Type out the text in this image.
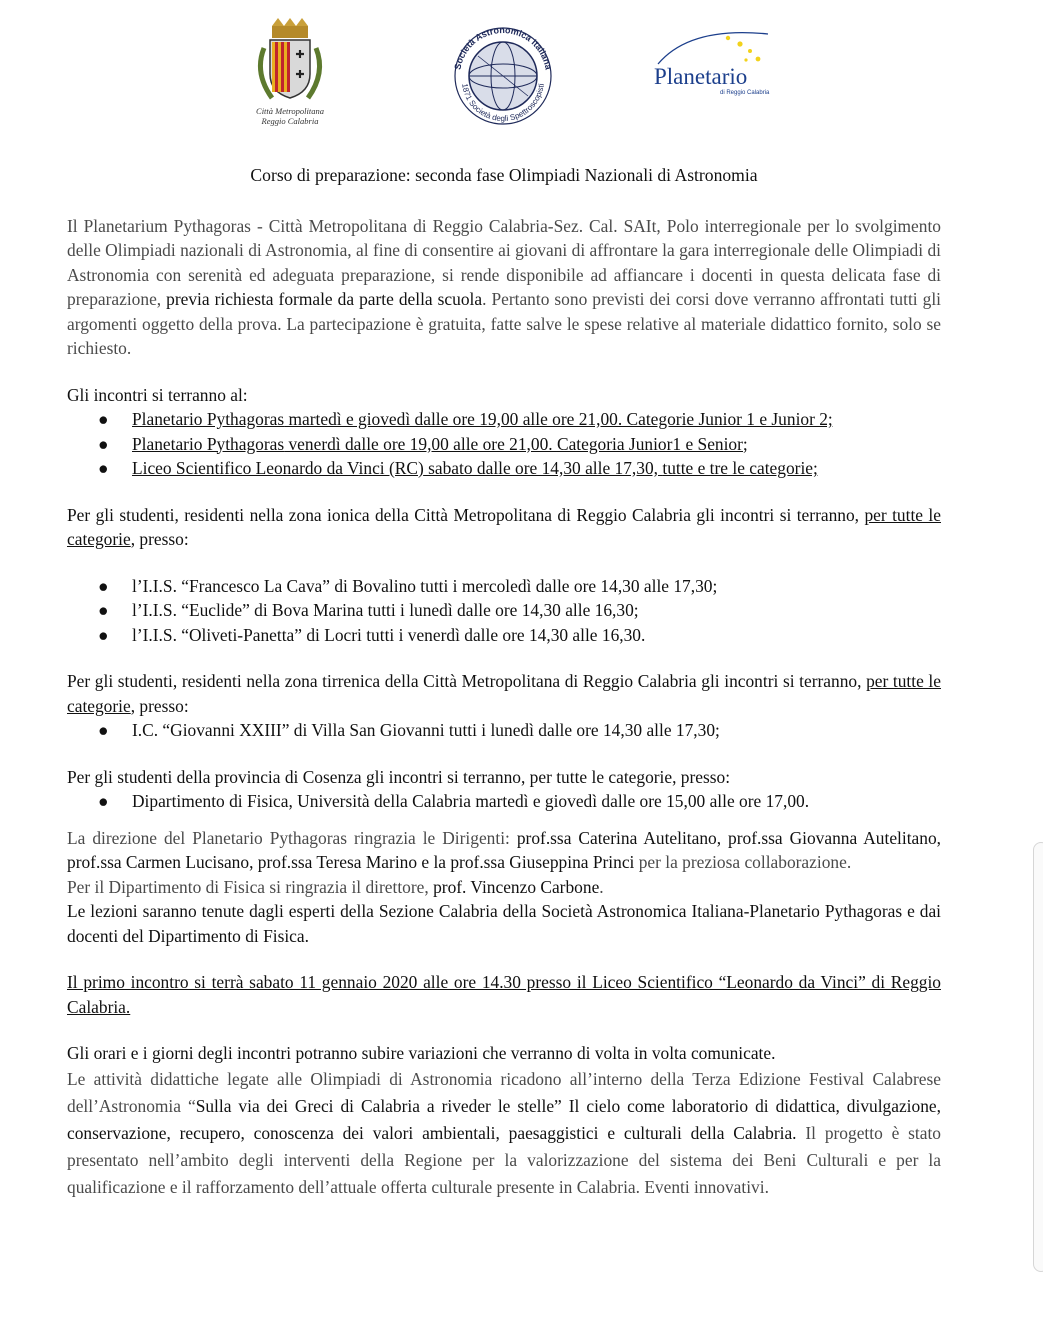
✚
✚
Città Metropolitana
Reggio Calabria
Società Astronomica Italiana
1871 Società degli Spettroscopisti	Planetario
di Reggio Calabria

Corso di preparazione: seconda fase Olimpiadi Nazionali di Astronomia

Il Planetarium Pythagoras - Città Metropolitana di Reggio Calabria-Sez. Cal. SAIt, Polo interregionale per lo svolgimento delle Olimpiadi nazionali di Astronomia, al fine di consentire ai giovani di affrontare la gara interregionale delle Olimpiadi di Astronomia con serenità ed adeguata preparazione, si rende disponibile ad affiancare i docenti in questa delicata fase di preparazione, previa richiesta formale da parte della scuola. Pertanto sono previsti dei corsi dove verranno affrontati tutti gli argomenti oggetto della prova. La partecipazione è gratuita, fatte salve le spese relative al materiale didattico fornito, solo se richiesto.

Gli incontri si terranno al:

● Planetario Pythagoras martedì e giovedì dalle ore 19,00 alle ore 21,00. Categorie Junior 1 e Junior 2;
● Planetario Pythagoras venerdì dalle ore 19,00 alle ore 21,00. Categoria Junior1 e Senior;
● Liceo Scientifico Leonardo da Vinci (RC) sabato dalle ore 14,30 alle 17,30, tutte e tre le categorie;

Per gli studenti, residenti nella zona ionica della Città Metropolitana di Reggio Calabria gli incontri si terranno, per tutte le categorie, presso:

● l’I.I.S. “Francesco La Cava” di Bovalino tutti i mercoledì dalle ore 14,30 alle 17,30;
● l’I.I.S. “Euclide” di Bova Marina tutti i lunedì dalle ore 14,30 alle 16,30;
● l’I.I.S. “Oliveti-Panetta” di Locri tutti i venerdì dalle ore 14,30 alle 16,30.

Per gli studenti, residenti nella zona tirrenica della Città Metropolitana di Reggio Calabria gli incontri si terranno, per tutte le categorie, presso:

● I.C. “Giovanni XXIII” di Villa San Giovanni tutti i lunedì dalle ore 14,30 alle 17,30;

Per gli studenti della provincia di Cosenza gli incontri si terranno, per tutte le categorie, presso:

● Dipartimento di Fisica, Università della Calabria martedì e giovedì dalle ore 15,00 alle ore 17,00.

La direzione del Planetario Pythagoras ringrazia le Dirigenti: prof.ssa Caterina Autelitano, prof.ssa Giovanna Autelitano, prof.ssa Carmen Lucisano, prof.ssa Teresa Marino e la prof.ssa Giuseppina Princi per la preziosa collaborazione.

Per il Dipartimento di Fisica si ringrazia il direttore, prof. Vincenzo Carbone.

Le lezioni saranno tenute dagli esperti della Sezione Calabria della Società Astronomica Italiana-Planetario Pythagoras e dai docenti del Dipartimento di Fisica.

Il primo incontro si terrà sabato 11 gennaio 2020 alle ore 14.30 presso il Liceo Scientifico “Leonardo da Vinci” di Reggio Calabria.

Gli orari e i giorni degli incontri potranno subire variazioni che verranno di volta in volta comunicate.

Le attività didattiche legate alle Olimpiadi di Astronomia ricadono all’interno della Terza Edizione Festival Calabrese dell’Astronomia “Sulla via dei Greci di Calabria a riveder le stelle” Il cielo come laboratorio di didattica, divulgazione, conservazione, recupero, conoscenza dei valori ambientali, paesaggistici e culturali della Calabria. Il progetto è stato presentato nell’ambito degli interventi della Regione per la valorizzazione del sistema dei Beni Culturali e per la qualificazione e il rafforzamento dell’attuale offerta culturale presente in Calabria. Eventi innovativi.
